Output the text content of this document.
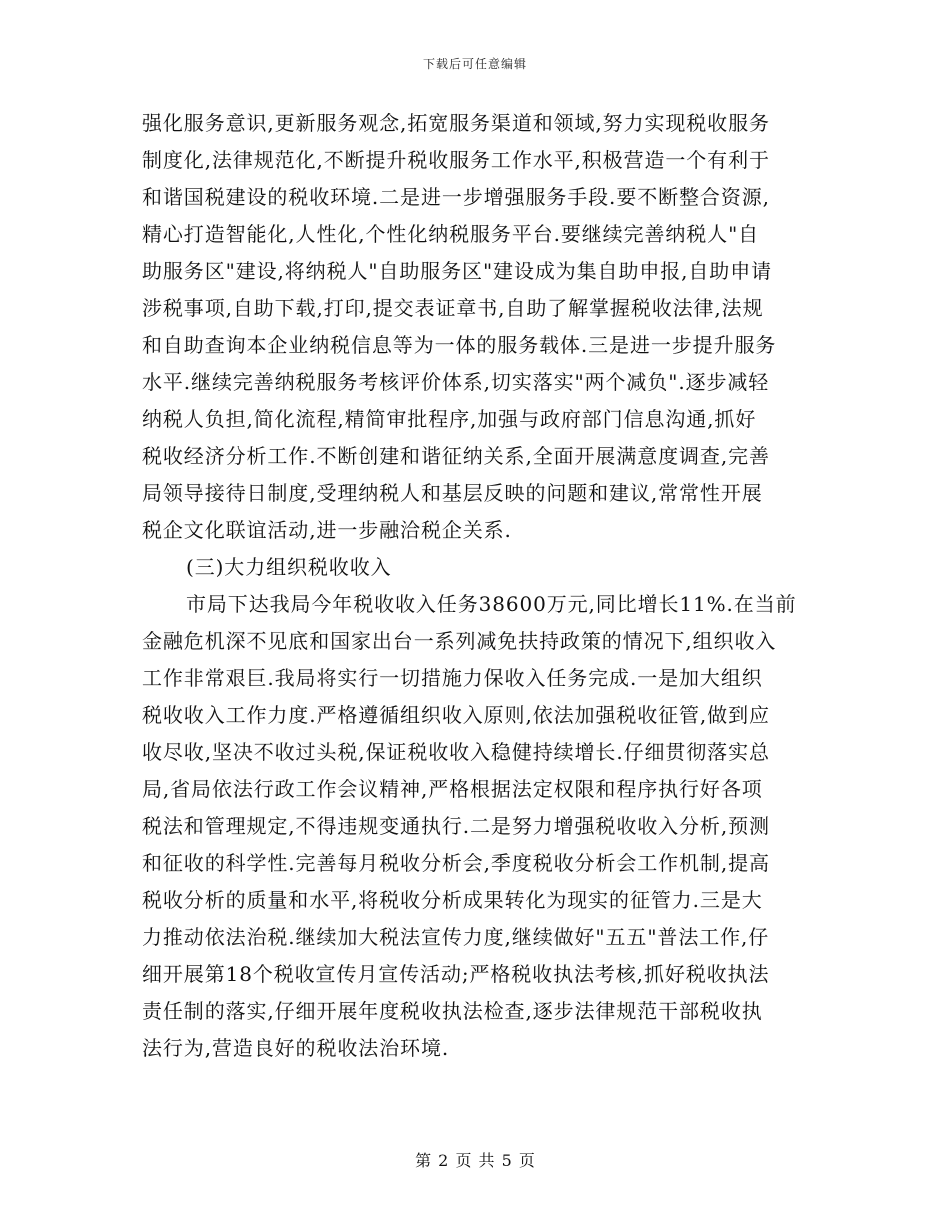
下载后可任意编辑
强化服务意识,更新服务观念,拓宽服务渠道和领域,努力实现税收服务
制度化,法律规范化,不断提升税收服务工作水平,积极营造一个有利于
和谐国税建设的税收环境.二是进一步增强服务手段.要不断整合资源,
精心打造智能化,人性化,个性化纳税服务平台.要继续完善纳税人"自
助服务区"建设,将纳税人"自助服务区"建设成为集自助申报,自助申请
涉税事项,自助下载,打印,提交表证章书,自助了解掌握税收法律,法规
和自助查询本企业纳税信息等为一体的服务载体.三是进一步提升服务
水平.继续完善纳税服务考核评价体系,切实落实"两个减负".逐步减轻
纳税人负担,简化流程,精简审批程序,加强与政府部门信息沟通,抓好
税收经济分析工作.不断创建和谐征纳关系,全面开展满意度调查,完善
局领导接待日制度,受理纳税人和基层反映的问题和建议,常常性开展
税企文化联谊活动,进一步融洽税企关系.
(三)大力组织税收收入
市局下达我局今年税收收入任务38600万元,同比增长11%.在当前
金融危机深不见底和国家出台一系列减免扶持政策的情况下,组织收入
工作非常艰巨.我局将实行一切措施力保收入任务完成.一是加大组织
税收收入工作力度.严格遵循组织收入原则,依法加强税收征管,做到应
收尽收,坚决不收过头税,保证税收收入稳健持续增长.仔细贯彻落实总
局,省局依法行政工作会议精神,严格根据法定权限和程序执行好各项
税法和管理规定,不得违规变通执行.二是努力增强税收收入分析,预测
和征收的科学性.完善每月税收分析会,季度税收分析会工作机制,提高
税收分析的质量和水平,将税收分析成果转化为现实的征管力.三是大
力推动依法治税.继续加大税法宣传力度,继续做好"五五"普法工作,仔
细开展第18个税收宣传月宣传活动;严格税收执法考核,抓好税收执法
责任制的落实,仔细开展年度税收执法检查,逐步法律规范干部税收执
法行为,营造良好的税收法治环境.
第 2 页 共 5 页
